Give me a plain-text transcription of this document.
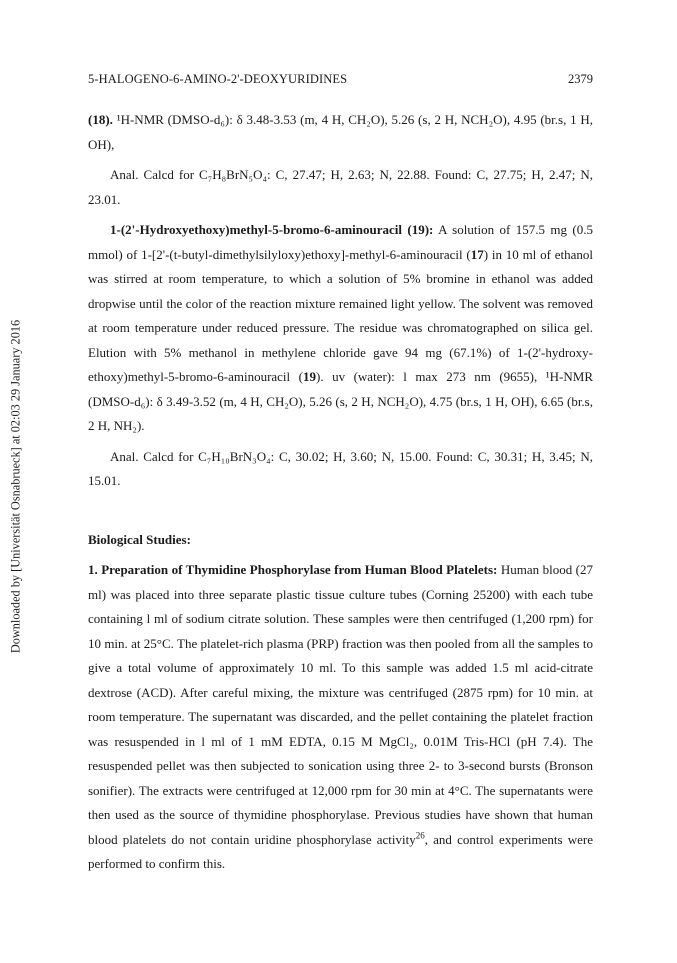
5-HALOGENO-6-AMINO-2'-DEOXYURIDINES	2379
Downloaded by [Universität Osnabrueck] at 02:03 29 January 2016

(18). ¹H-NMR (DMSO-d₆): δ 3.48-3.53 (m, 4 H, CH₂O), 5.26 (s, 2 H, NCH₂O), 4.95 (br.s, 1 H, OH),

Anal. Calcd for C₇H₈BrN₅O₄: C, 27.47; H, 2.63; N, 22.88. Found: C, 27.75; H, 2.47; N, 23.01.

1-(2'-Hydroxyethoxy)methyl-5-bromo-6-aminouracil (19): A solution of 157.5 mg (0.5 mmol) of 1-[2'-(t-butyl-dimethylsilyloxy)ethoxy]-methyl-6-aminouracil (17) in 10 ml of ethanol was stirred at room temperature, to which a solution of 5% bromine in ethanol was added dropwise until the color of the reaction mixture remained light yellow. The solvent was removed at room temperature under reduced pressure. The residue was chromatographed on silica gel. Elution with 5% methanol in methylene chloride gave 94 mg (67.1%) of 1-(2'-hydroxy-ethoxy)methyl-5-bromo-6-aminouracil (19). uv (water): l max 273 nm (9655), ¹H-NMR (DMSO-d₆): δ 3.49-3.52 (m, 4 H, CH₂O), 5.26 (s, 2 H, NCH₂O), 4.75 (br.s, 1 H, OH), 6.65 (br.s, 2 H, NH₂).

Anal. Calcd for C₇H₁₀BrN₃O₄: C, 30.02; H, 3.60; N, 15.00. Found: C, 30.31; H, 3.45; N, 15.01.

Biological Studies:

1. Preparation of Thymidine Phosphorylase from Human Blood Platelets: Human blood (27 ml) was placed into three separate plastic tissue culture tubes (Corning 25200) with each tube containing l ml of sodium citrate solution. These samples were then centrifuged (1,200 rpm) for 10 min. at 25°C. The platelet-rich plasma (PRP) fraction was then pooled from all the samples to give a total volume of approximately 10 ml. To this sample was added 1.5 ml acid-citrate dextrose (ACD). After careful mixing, the mixture was centrifuged (2875 rpm) for 10 min. at room temperature. The supernatant was discarded, and the pellet containing the platelet fraction was resuspended in l ml of 1 mM EDTA, 0.15 M MgCl₂, 0.01M Tris-HCl (pH 7.4). The resuspended pellet was then subjected to sonication using three 2- to 3-second bursts (Bronson sonifier). The extracts were centrifuged at 12,000 rpm for 30 min at 4°C. The supernatants were then used as the source of thymidine phosphorylase. Previous studies have shown that human blood platelets do not contain uridine phosphorylase activity$^{26}$, and control experiments were performed to confirm this.
